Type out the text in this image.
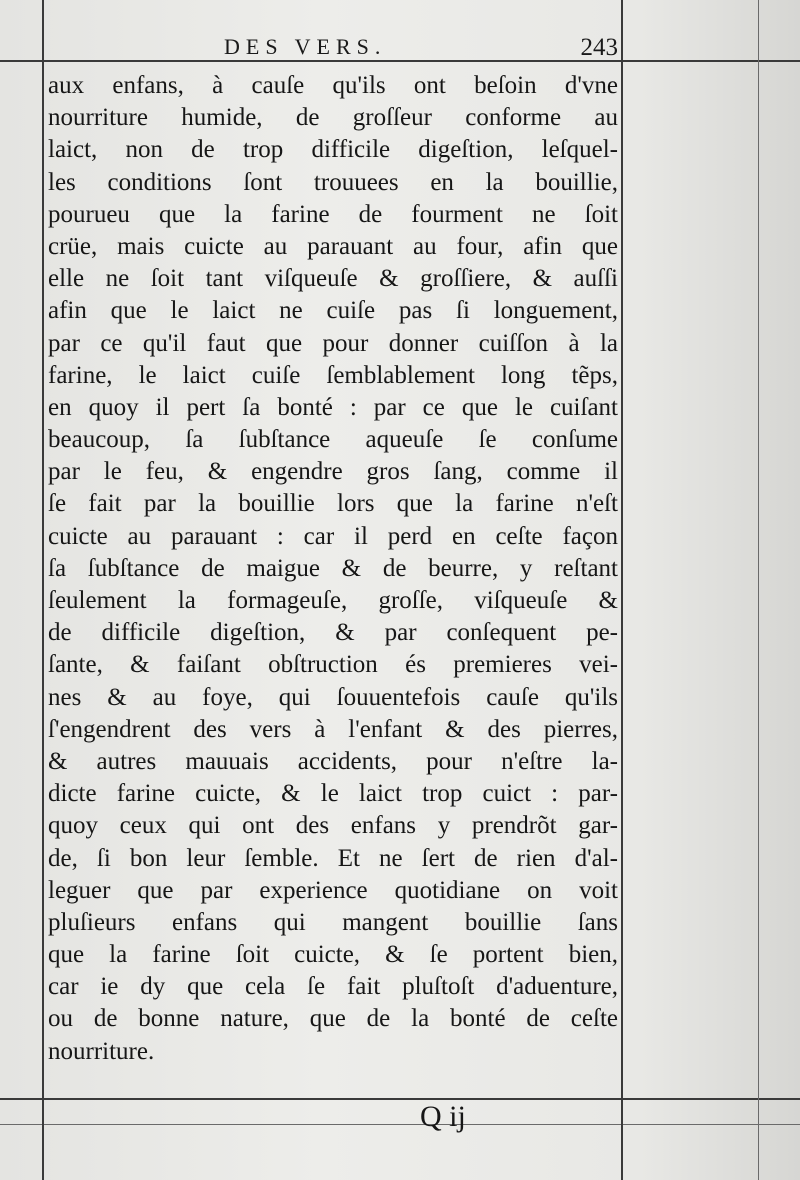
DES VERS.	243
aux enfans, à cauſe qu'ils ont beſoin d'vne
nourriture humide, de groſſeur conforme au
laict, non de trop difficile digeſtion, leſquel-
les conditions ſont trouuees en la bouillie,
pourueu que la farine de fourment ne ſoit
crüe, mais cuicte au parauant au four, afin que
elle ne ſoit tant viſqueuſe & groſſiere, & auſſi
afin que le laict ne cuiſe pas ſi longuement,
par ce qu'il faut que pour donner cuiſſon à la
farine, le laict cuiſe ſemblablement long tẽps,
en quoy il pert ſa bonté : par ce que le cuiſant
beaucoup, ſa ſubſtance aqueuſe ſe conſume
par le feu, & engendre gros ſang, comme il
ſe fait par la bouillie lors que la farine n'eſt
cuicte au parauant : car il perd en ceſte façon
ſa ſubſtance de maigue & de beurre, y reſtant
ſeulement la formageuſe, groſſe, viſqueuſe &
de difficile digeſtion, & par conſequent pe-
ſante, & faiſant obſtruction és premieres vei-
nes & au foye, qui ſouuentefois cauſe qu'ils
ſ'engendrent des vers à l'enfant & des pierres,
& autres mauuais accidents, pour n'eſtre la-
dicte farine cuicte, & le laict trop cuict : par-
quoy ceux qui ont des enfans y prendrõt gar-
de, ſi bon leur ſemble. Et ne ſert de rien d'al-
leguer que par experience quotidiane on voit
pluſieurs enfans qui mangent bouillie ſans
que la farine ſoit cuicte, & ſe portent bien,
car ie dy que cela ſe fait pluſtoſt d'aduenture,
ou de bonne nature, que de la bonté de ceſte
nourriture.
Q ij
